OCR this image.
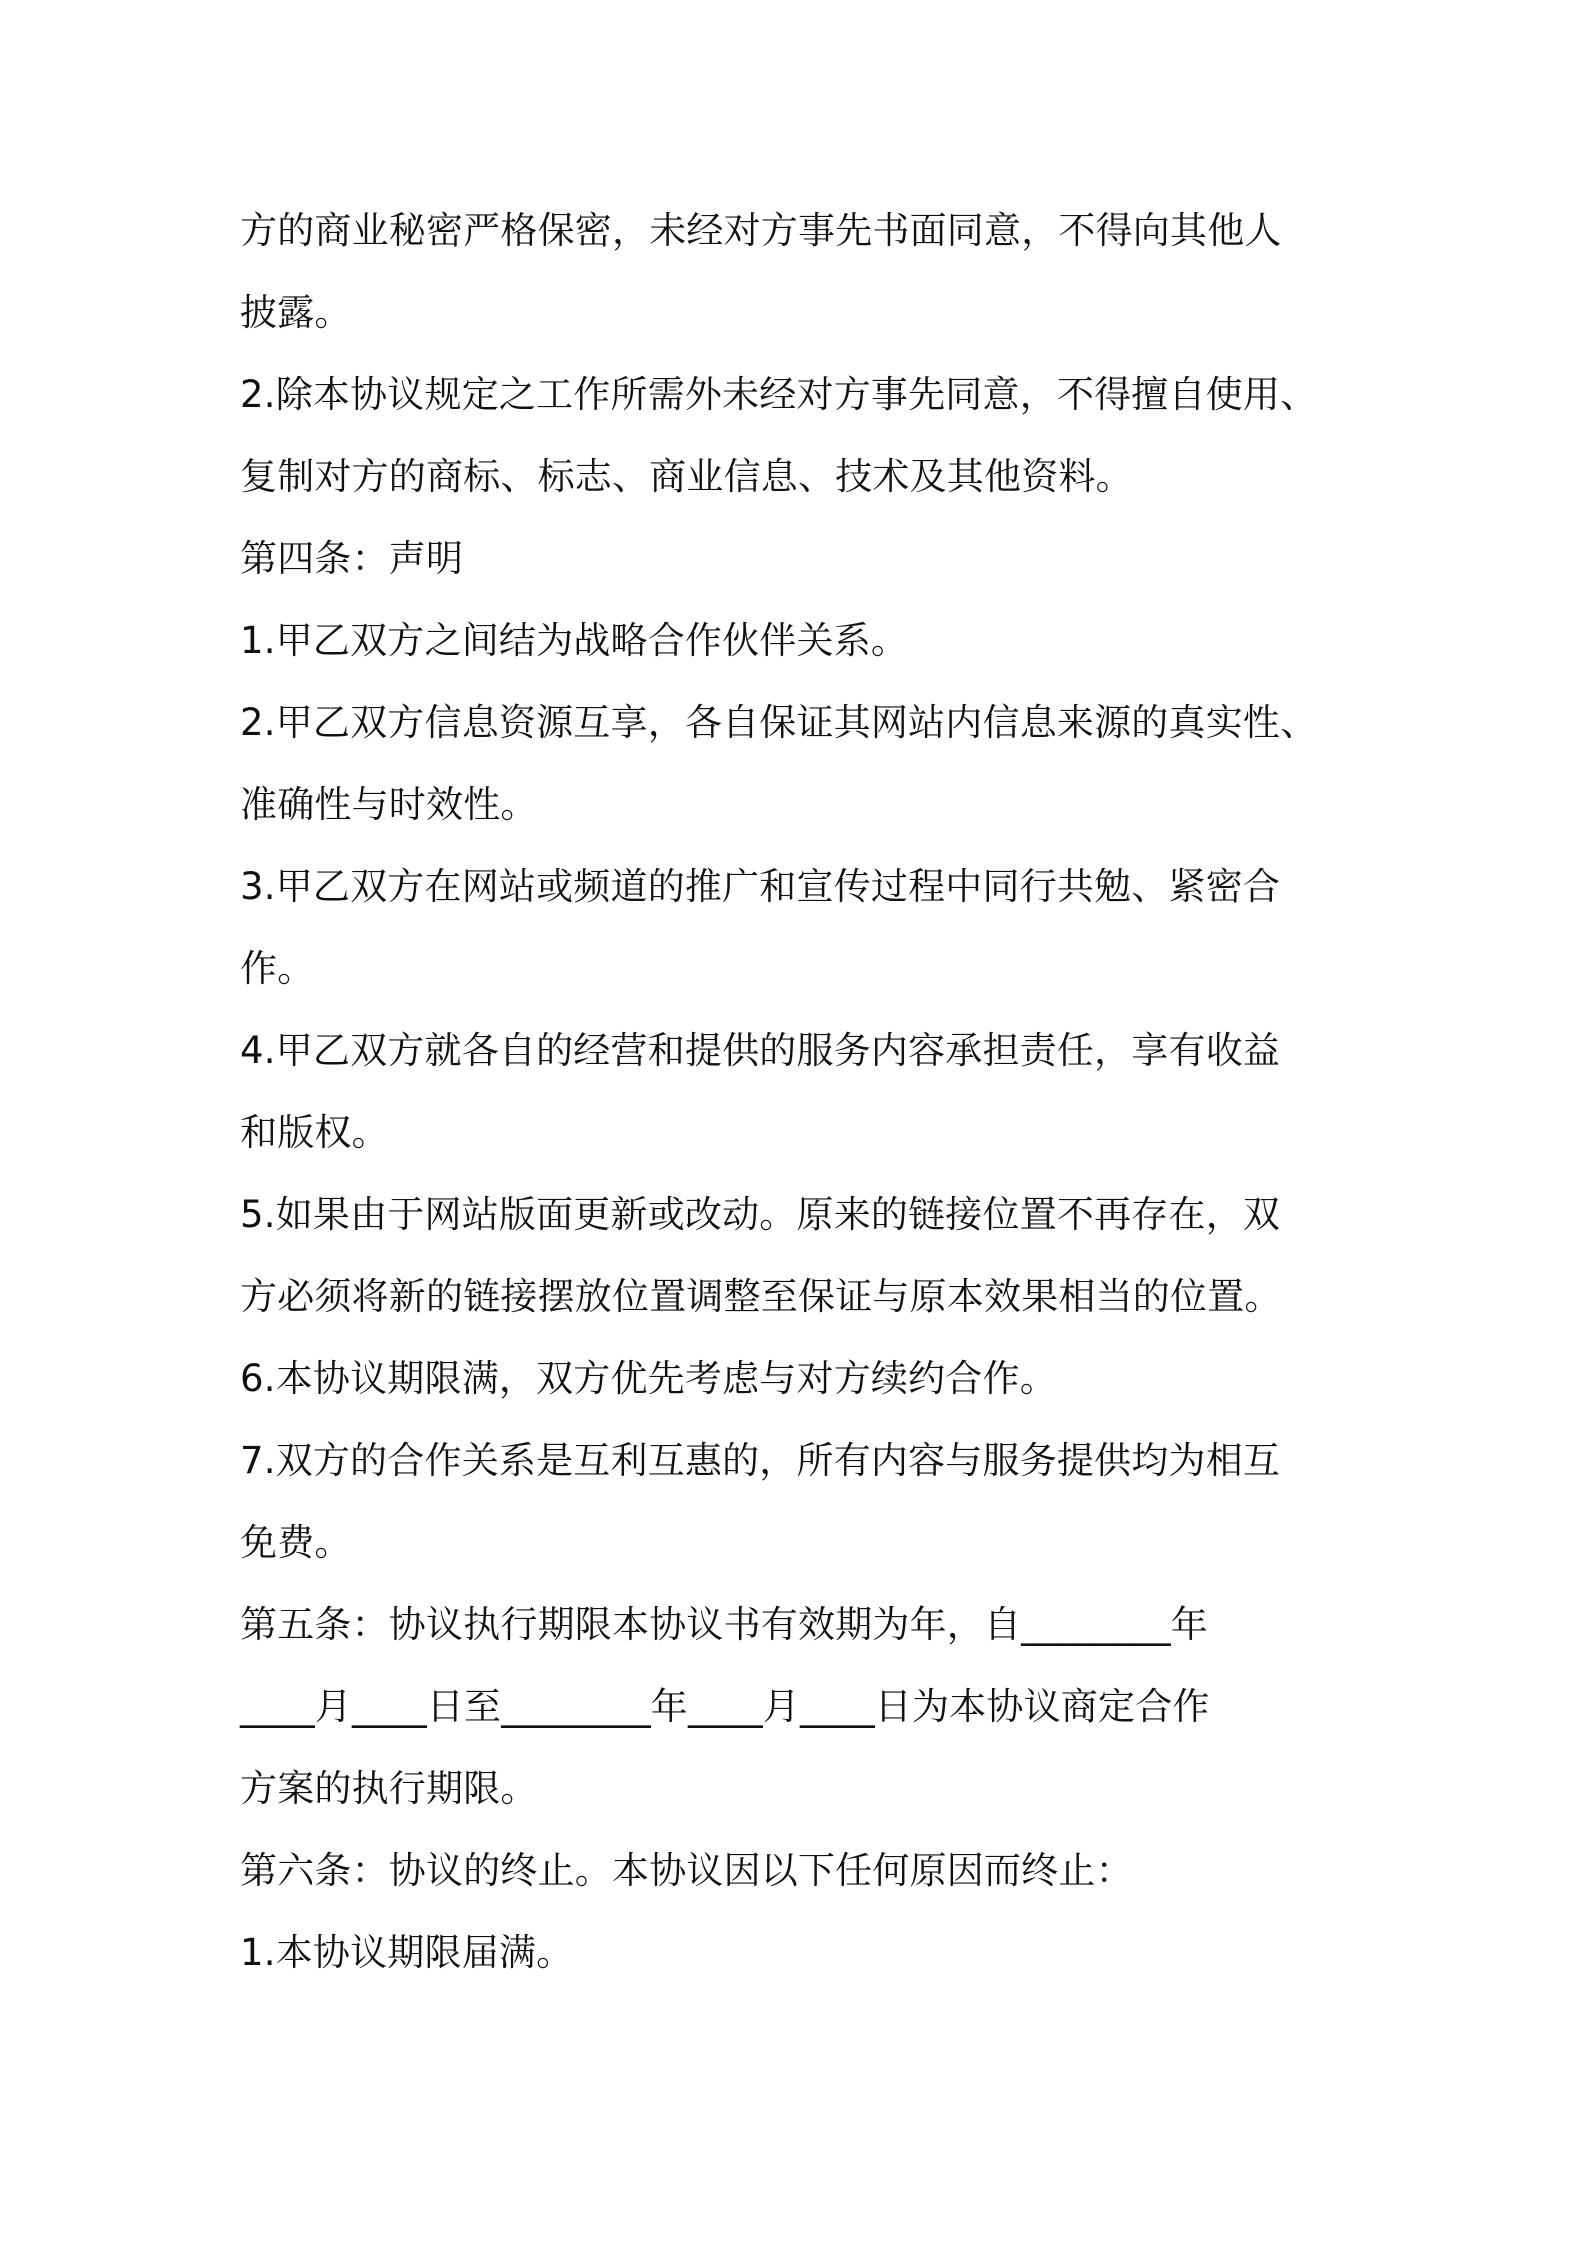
方的商业秘密严格保密，未经对方事先书面同意，不得向其他人
披露。
2.除本协议规定之工作所需外未经对方事先同意，不得擅自使用、
复制对方的商标、标志、商业信息、技术及其他资料。
第四条：声明
1.甲乙双方之间结为战略合作伙伴关系。
2.甲乙双方信息资源互享，各自保证其网站内信息来源的真实性、
准确性与时效性。
3.甲乙双方在网站或频道的推广和宣传过程中同行共勉、紧密合
作。
4.甲乙双方就各自的经营和提供的服务内容承担责任，享有收益
和版权。
5.如果由于网站版面更新或改动。原来的链接位置不再存在，双
方必须将新的链接摆放位置调整至保证与原本效果相当的位置。
6.本协议期限满，双方优先考虑与对方续约合作。
7.双方的合作关系是互利互惠的，所有内容与服务提供均为相互
免费。
第五条：协议执行期限本协议书有效期为年，自________年
____月____日至________年____月____日为本协议商定合作
方案的执行期限。
第六条：协议的终止。本协议因以下任何原因而终止：
1.本协议期限届满。
